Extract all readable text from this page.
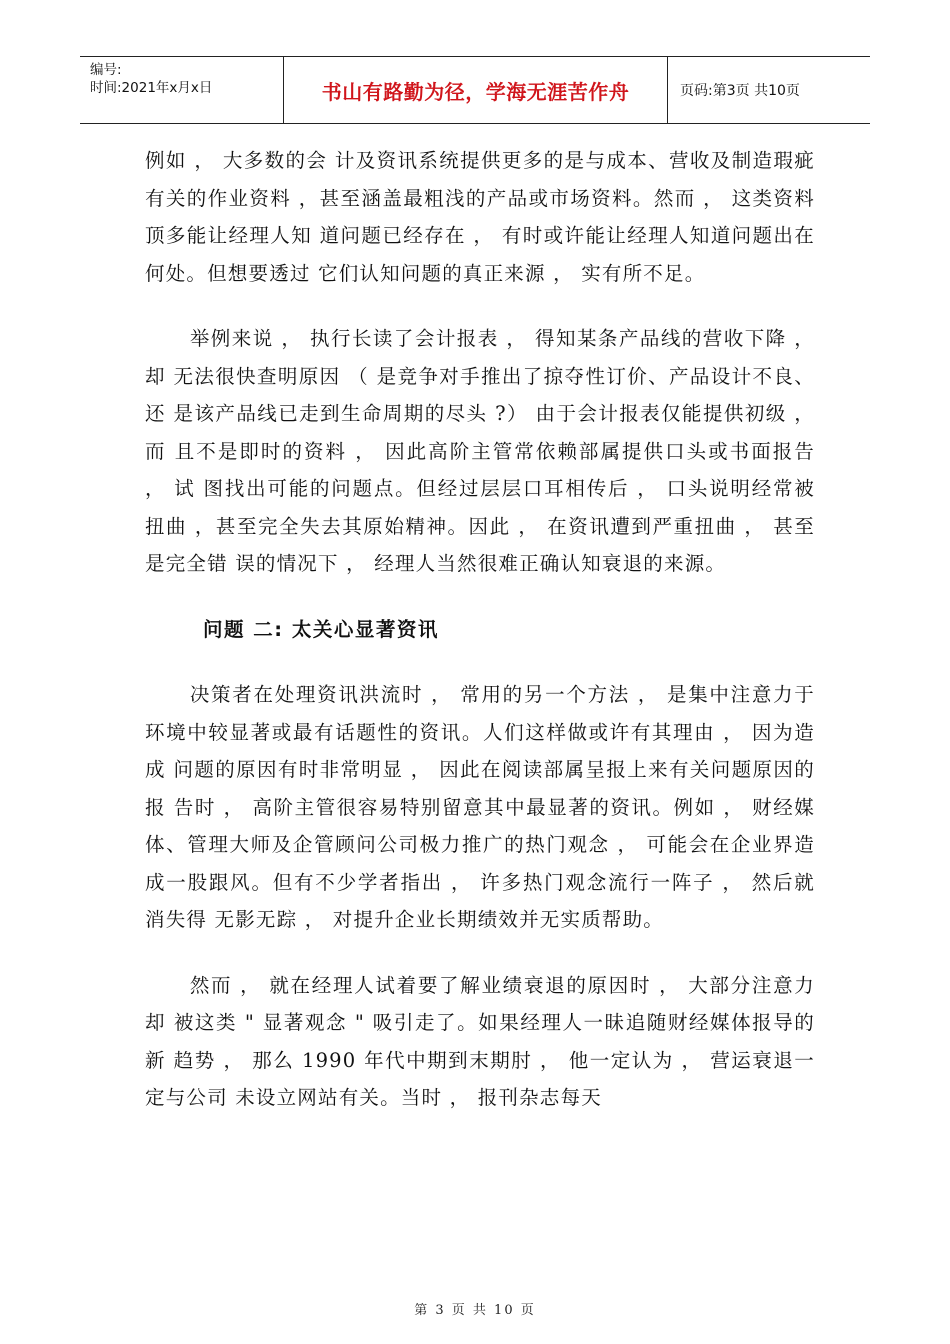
编号:
时间:2021年x月x日	书山有路勤为径，学海无涯苦作舟	页码:第3页 共10页

例如 ， 大多数的会 计及资讯系统提供更多的是与成本、营收及制造瑕疵有关的作业资料 ，甚至涵盖最粗浅的产品或市场资料。然而 ， 这类资料顶多能让经理人知 道问题已经存在 ， 有时或许能让经理人知道问题出在何处。但想要透过 它们认知问题的真正来源 ， 实有所不足。

举例来说 ， 执行长读了会计报表 ， 得知某条产品线的营收下降 ， 却 无法很快查明原因 （ 是竞争对手推出了掠夺性订价、产品设计不良、还 是该产品线已走到生命周期的尽头 ?） 由于会计报表仅能提供初级 ， 而 且不是即时的资料 ， 因此高阶主管常依赖部属提供口头或书面报告 ， 试 图找出可能的问题点。但经过层层口耳相传后 ， 口头说明经常被扭曲 ，甚至完全失去其原始精神。因此 ， 在资讯遭到严重扭曲 ， 甚至是完全错 误的情况下 ， 经理人当然很难正确认知衰退的来源。

问题 二: 太关心显著资讯

决策者在处理资讯洪流时 ， 常用的另一个方法 ， 是集中注意力于环境中较显著或最有话题性的资讯。人们这样做或许有其理由 ， 因为造成 问题的原因有时非常明显 ， 因此在阅读部属呈报上来有关问题原因的报 告时 ， 高阶主管很容易特别留意其中最显著的资讯。例如 ， 财经媒体、管理大师及企管顾问公司极力推广的热门观念 ， 可能会在企业界造成一股跟风。但有不少学者指出 ， 许多热门观念流行一阵子 ， 然后就消失得 无影无踪 ， 对提升企业长期绩效并无实质帮助。

然而 ， 就在经理人试着要了解业绩衰退的原因时 ， 大部分注意力却 被这类 " 显著观念 " 吸引走了。如果经理人一昧追随财经媒体报导的新 趋势 ， 那么 1990 年代中期到末期肘 ， 他一定认为 ， 营运衰退一定与公司 未设立网站有关。当时 ， 报刊杂志每天

第 3 页 共 10 页
